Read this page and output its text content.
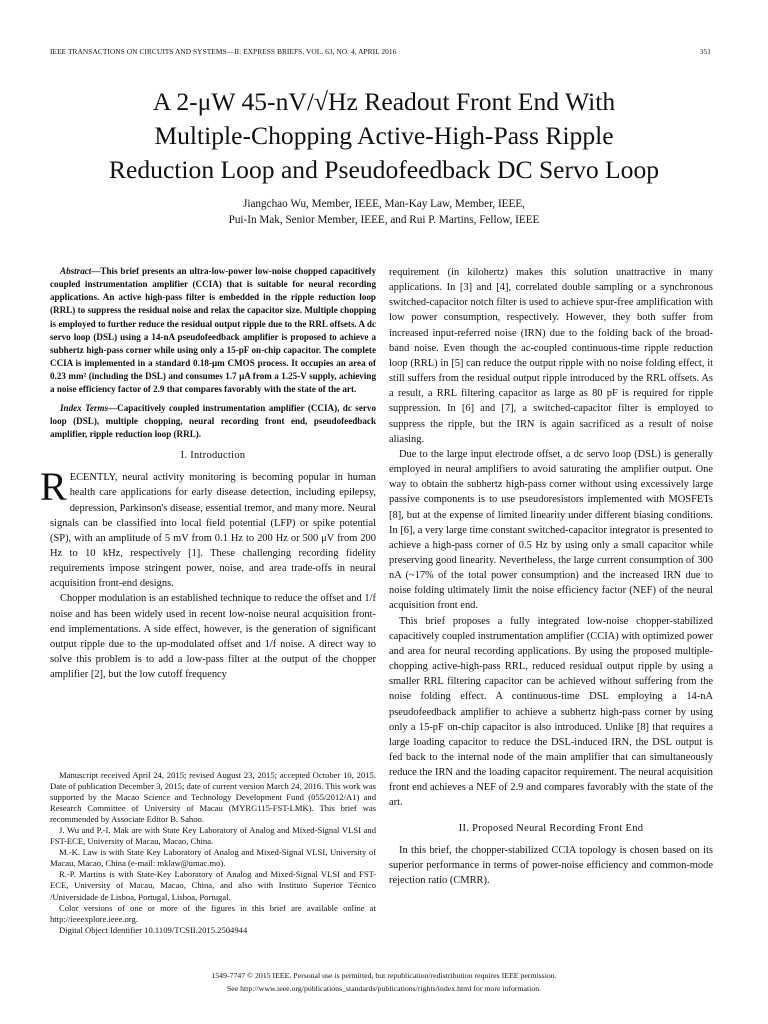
IEEE TRANSACTIONS ON CIRCUITS AND SYSTEMS—II: EXPRESS BRIEFS, VOL. 63, NO. 4, APRIL 2016	351
A 2-μW 45-nV/√Hz Readout Front End With
Multiple-Chopping Active-High-Pass Ripple
Reduction Loop and Pseudofeedback DC Servo Loop
Jiangchao Wu, Member, IEEE, Man-Kay Law, Member, IEEE,
Pui-In Mak, Senior Member, IEEE, and Rui P. Martins, Fellow, IEEE

Abstract—This brief presents an ultra-low-power low-noise chopped capacitively coupled instrumentation amplifier (CCIA) that is suitable for neural recording applications. An active high-pass filter is embedded in the ripple reduction loop (RRL) to suppress the residual noise and relax the capacitor size. Multiple chopping is employed to further reduce the residual output ripple due to the RRL offsets. A dc servo loop (DSL) using a 14-nA pseudofeedback amplifier is proposed to achieve a subhertz high-pass corner while using only a 15-pF on-chip capacitor. The complete CCIA is implemented in a standard 0.18-μm CMOS process. It occupies an area of 0.23 mm² (including the DSL) and consumes 1.7 μA from a 1.25-V supply, achieving a noise efficiency factor of 2.9 that compares favorably with the state of the art.

Index Terms—Capacitively coupled instrumentation amplifier (CCIA), dc servo loop (DSL), multiple chopping, neural recording front end, pseudofeedback amplifier, ripple reduction loop (RRL).

I. Introduction

RECENTLY, neural activity monitoring is becoming popular in human health care applications for early disease detection, including epilepsy, depression, Parkinson's disease, essential tremor, and many more. Neural signals can be classified into local field potential (LFP) or spike potential (SP), with an amplitude of 5 mV from 0.1 Hz to 200 Hz or 500 μV from 200 Hz to 10 kHz, respectively [1]. These challenging recording fidelity requirements impose stringent power, noise, and area trade-offs in neural acquisition front-end designs.

Chopper modulation is an established technique to reduce the offset and 1/f noise and has been widely used in recent low-noise neural acquisition front-end implementations. A side effect, however, is the generation of significant output ripple due to the up-modulated offset and 1/f noise. A direct way to solve this problem is to add a low-pass filter at the output of the chopper amplifier [2], but the low cutoff frequency

Manuscript received April 24, 2015; revised August 23, 2015; accepted October 10, 2015. Date of publication December 3, 2015; date of current version March 24, 2016. This work was supported by the Macao Science and Technology Development Fund (055/2012/A1) and Research Committee of University of Macau (MYRG115-FST-LMK). This brief was recommended by Associate Editor B. Sahoo.

J. Wu and P.-I. Mak are with State Key Laboratory of Analog and Mixed-Signal VLSI and FST-ECE, University of Macau, Macao, China.

M.-K. Law is with State Key Laboratory of Analog and Mixed-Signal VLSI, University of Macau, Macao, China (e-mail: mklaw@umac.mo).

R.-P. Martins is with State-Key Laboratory of Analog and Mixed-Signal VLSI and FST-ECE, University of Macau, Macao, China, and also with Instituto Superior Técnico /Universidade de Lisboa, Portugal, Lisboa, Portugal.

Color versions of one or more of the figures in this brief are available online at http://ieeexplore.ieee.org.

Digital Object Identifier 10.1109/TCSII.2015.2504944

requirement (in kilohertz) makes this solution unattractive in many applications. In [3] and [4], correlated double sampling or a synchronous switched-capacitor notch filter is used to achieve spur-free amplification with low power consumption, respectively. However, they both suffer from increased input-referred noise (IRN) due to the folding back of the broad-band noise. Even though the ac-coupled continuous-time ripple reduction loop (RRL) in [5] can reduce the output ripple with no noise folding effect, it still suffers from the residual output ripple introduced by the RRL offsets. As a result, a RRL filtering capacitor as large as 80 pF is required for ripple suppression. In [6] and [7], a switched-capacitor filter is employed to suppress the ripple, but the IRN is again sacrificed as a result of noise aliasing.

Due to the large input electrode offset, a dc servo loop (DSL) is generally employed in neural amplifiers to avoid saturating the amplifier output. One way to obtain the subhertz high-pass corner without using excessively large passive components is to use pseudoresistors implemented with MOSFETs [8], but at the expense of limited linearity under different biasing conditions. In [6], a very large time constant switched-capacitor integrator is presented to achieve a high-pass corner of 0.5 Hz by using only a small capacitor while preserving good linearity. Nevertheless, the large current consumption of 300 nA (~17% of the total power consumption) and the increased IRN due to noise folding ultimately limit the noise efficiency factor (NEF) of the neural acquisition front end.

This brief proposes a fully integrated low-noise chopper-stabilized capacitively coupled instrumentation amplifier (CCIA) with optimized power and area for neural recording applications. By using the proposed multiple-chopping active-high-pass RRL, reduced residual output ripple by using a smaller RRL filtering capacitor can be achieved without suffering from the noise folding effect. A continuous-time DSL employing a 14-nA pseudofeedback amplifier to achieve a subhertz high-pass corner by using only a 15-pF on-chip capacitor is also introduced. Unlike [8] that requires a large loading capacitor to reduce the DSL-induced IRN, the DSL output is fed back to the internal node of the main amplifier that can simultaneously reduce the IRN and the loading capacitor requirement. The neural acquisition front end achieves a NEF of 2.9 and compares favorably with the state of the art.

II. Proposed Neural Recording Front End

In this brief, the chopper-stabilized CCIA topology is chosen based on its superior performance in terms of power-noise efficiency and common-mode rejection ratio (CMRR).

1549-7747 © 2015 IEEE. Personal use is permitted, but republication/redistribution requires IEEE permission.
See http://www.ieee.org/publications_standards/publications/rights/index.html for more information.
